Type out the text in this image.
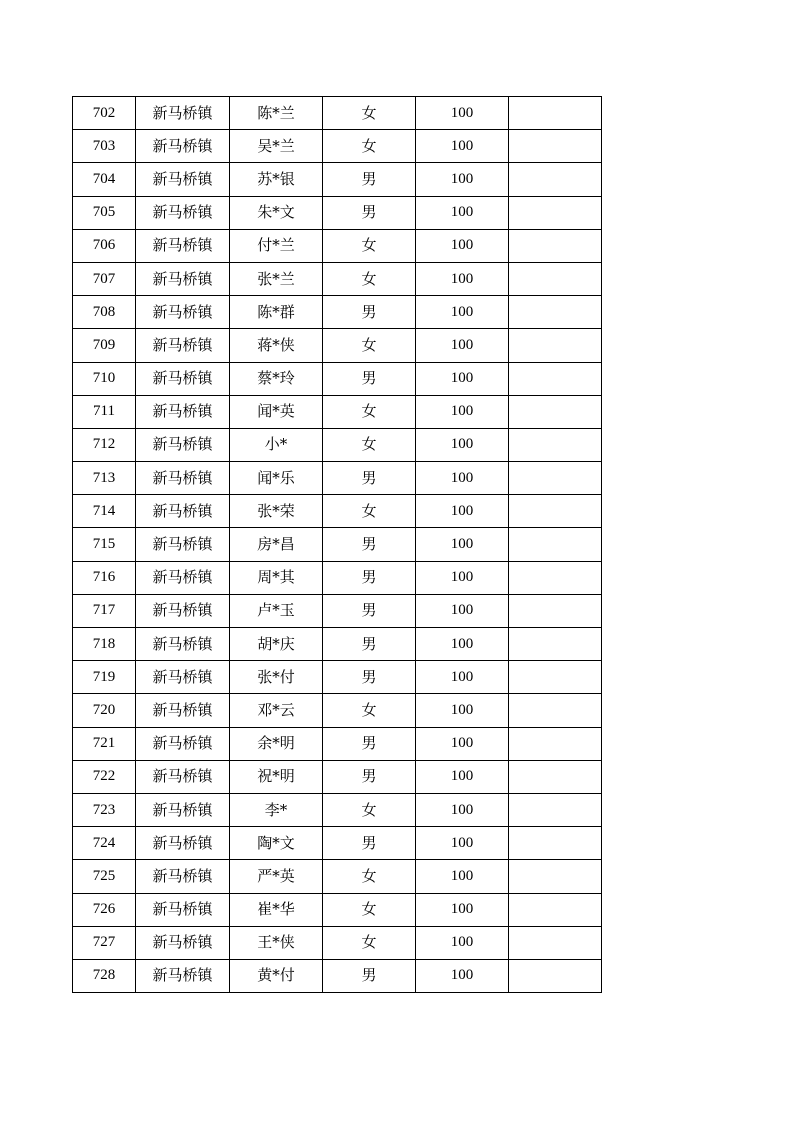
702	新马桥镇	陈*兰	女	100	
703	新马桥镇	吴*兰	女	100	
704	新马桥镇	苏*银	男	100	
705	新马桥镇	朱*文	男	100	
706	新马桥镇	付*兰	女	100	
707	新马桥镇	张*兰	女	100	
708	新马桥镇	陈*群	男	100	
709	新马桥镇	蒋*侠	女	100	
710	新马桥镇	蔡*玲	男	100	
711	新马桥镇	闻*英	女	100	
712	新马桥镇	小*	女	100	
713	新马桥镇	闻*乐	男	100	
714	新马桥镇	张*荣	女	100	
715	新马桥镇	房*昌	男	100	
716	新马桥镇	周*其	男	100	
717	新马桥镇	卢*玉	男	100	
718	新马桥镇	胡*庆	男	100	
719	新马桥镇	张*付	男	100	
720	新马桥镇	邓*云	女	100	
721	新马桥镇	余*明	男	100	
722	新马桥镇	祝*明	男	100	
723	新马桥镇	李*	女	100	
724	新马桥镇	陶*文	男	100	
725	新马桥镇	严*英	女	100	
726	新马桥镇	崔*华	女	100	
727	新马桥镇	王*侠	女	100	
728	新马桥镇	黄*付	男	100	
